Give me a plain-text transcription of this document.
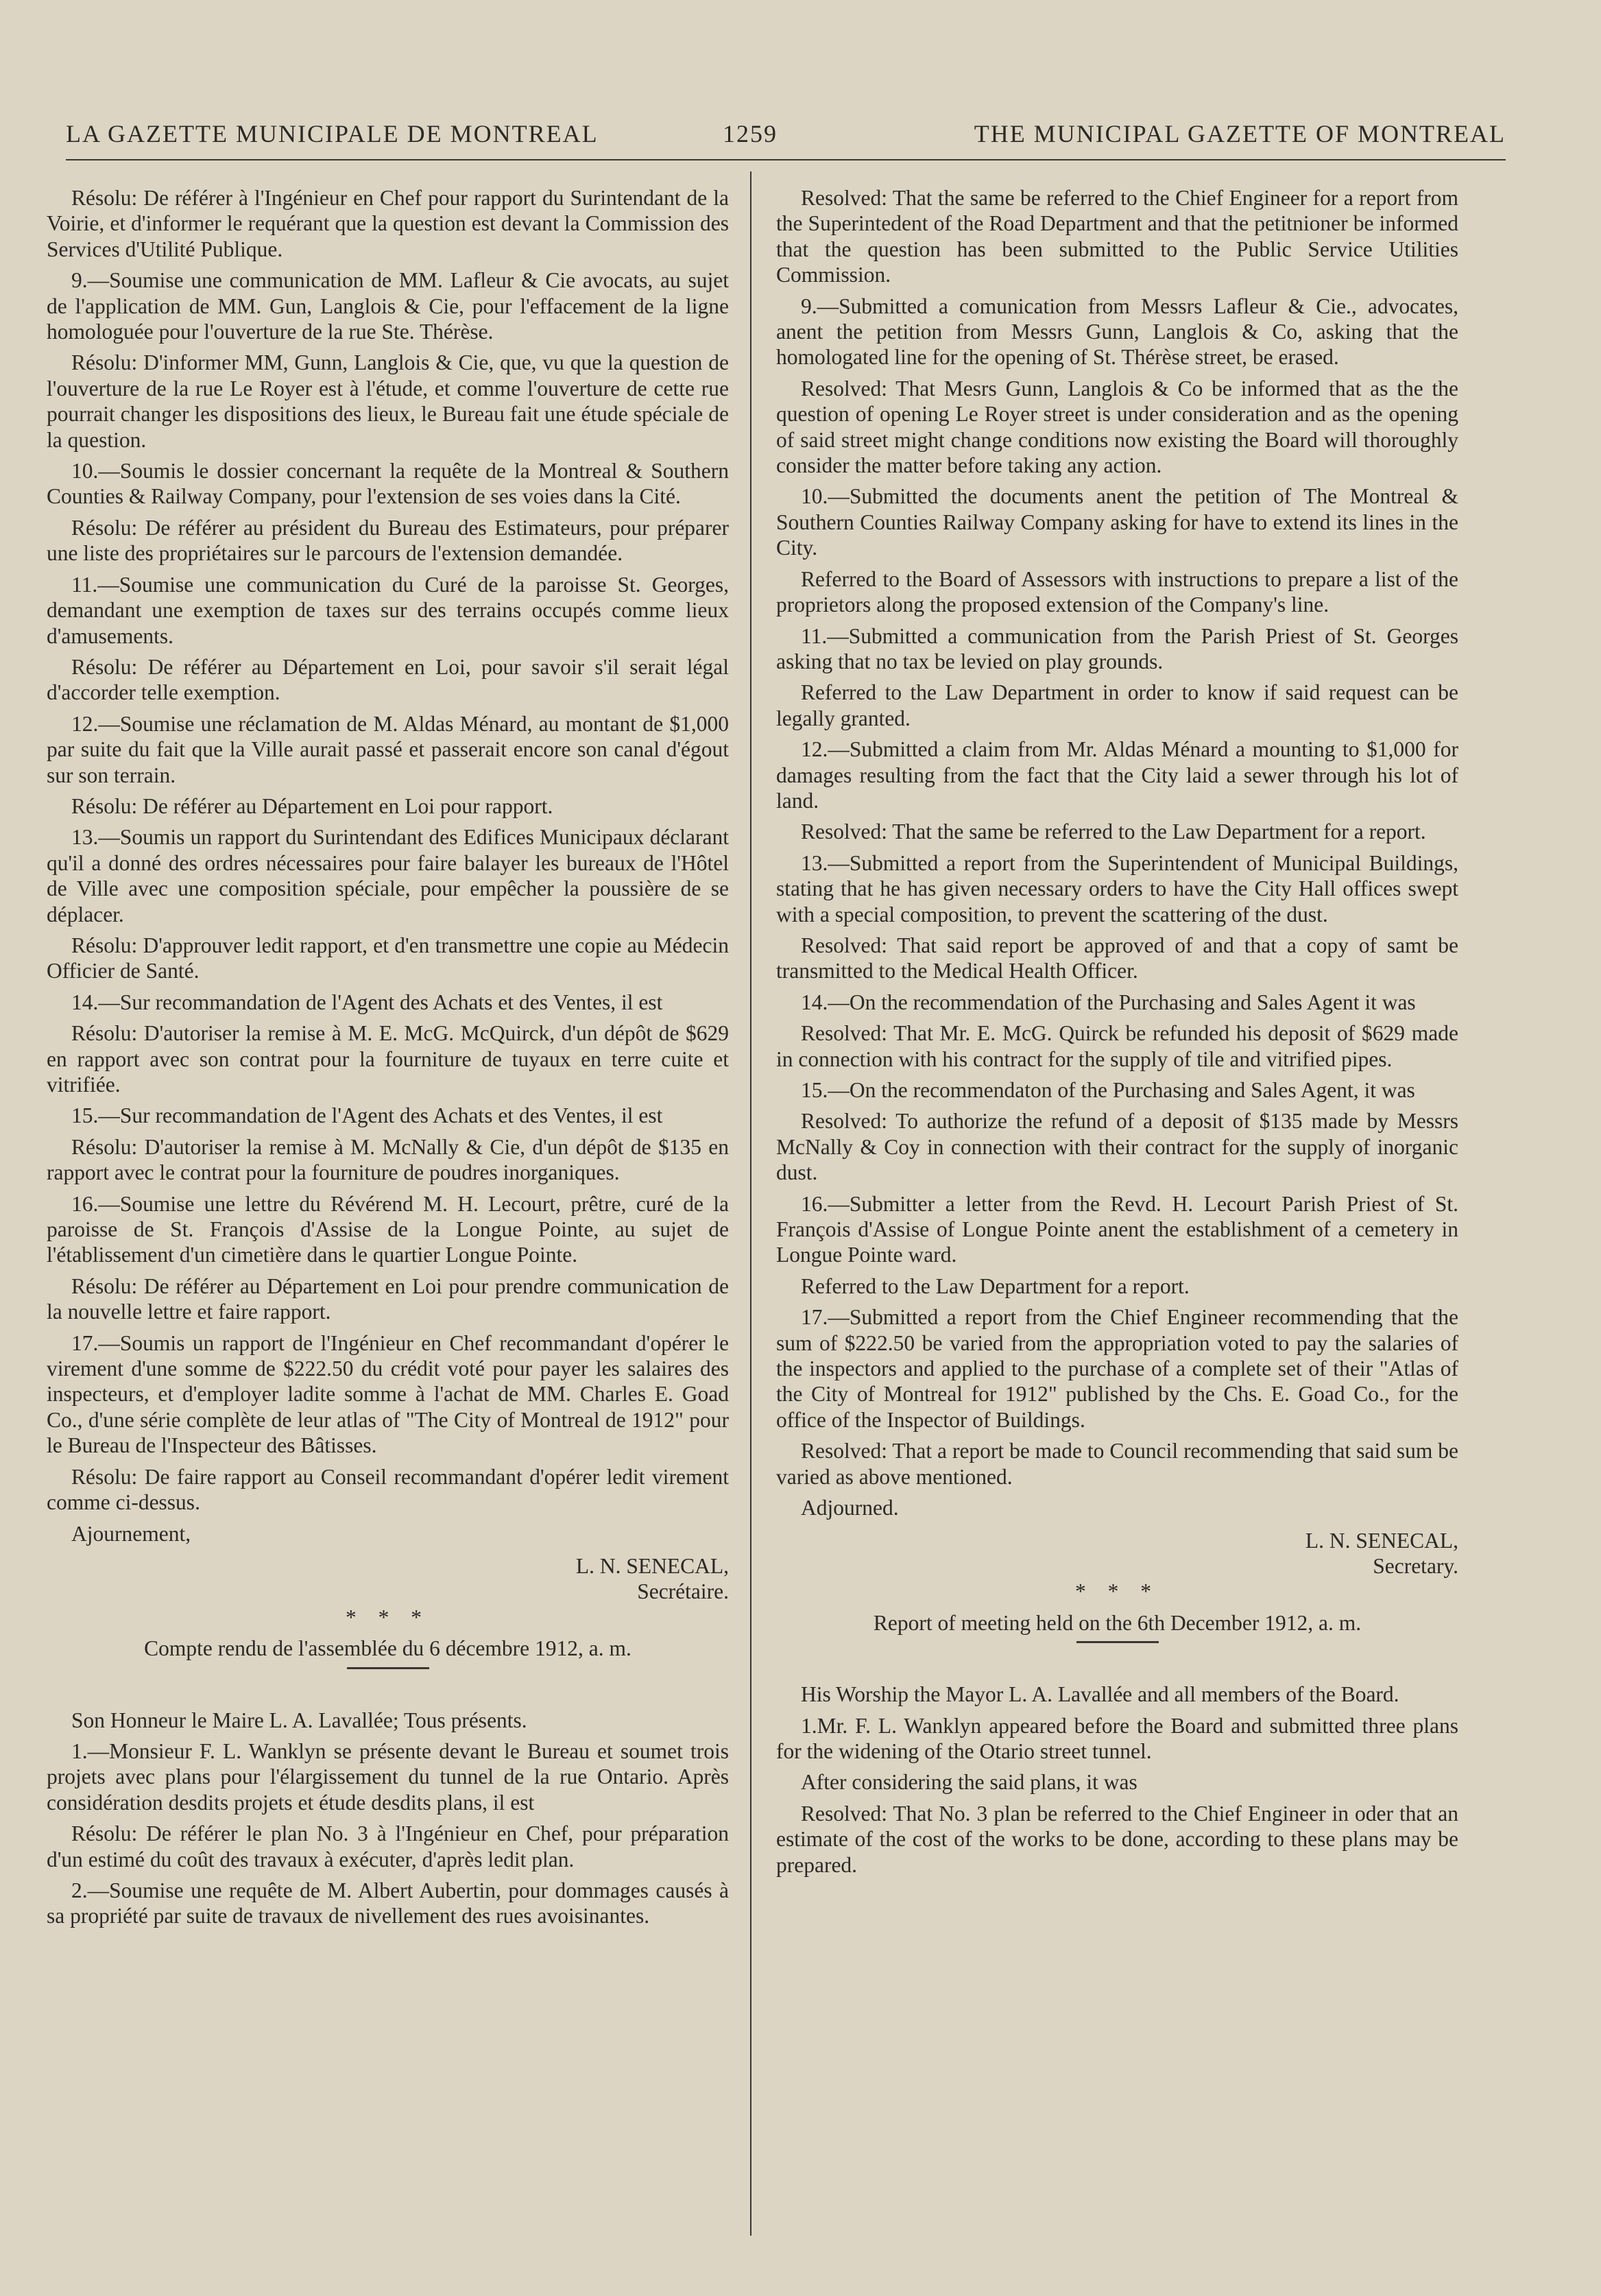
LA GAZETTE MUNICIPALE DE MONTREAL	1259	THE MUNICIPAL GAZETTE OF MONTREAL

Résolu: De référer à l'Ingénieur en Chef pour rapport du Surintendant de la Voirie, et d'informer le requérant que la question est devant la Commission des Services d'Utilité Publique.

9.—Soumise une communication de MM. Lafleur & Cie avocats, au sujet de l'application de MM. Gun, Langlois & Cie, pour l'effacement de la ligne homologuée pour l'ouverture de la rue Ste. Thérèse.

Résolu: D'informer MM, Gunn, Langlois & Cie, que, vu que la question de l'ouverture de la rue Le Royer est à l'étude, et comme l'ouverture de cette rue pourrait changer les dispositions des lieux, le Bureau fait une étude spéciale de la question.

10.—Soumis le dossier concernant la requête de la Montreal & Southern Counties & Railway Company, pour l'extension de ses voies dans la Cité.

Résolu: De référer au président du Bureau des Estimateurs, pour préparer une liste des propriétaires sur le parcours de l'extension demandée.

11.—Soumise une communication du Curé de la paroisse St. Georges, demandant une exemption de taxes sur des terrains occupés comme lieux d'amusements.

Résolu: De référer au Département en Loi, pour savoir s'il serait légal d'accorder telle exemption.

12.—Soumise une réclamation de M. Aldas Ménard, au montant de $1,000 par suite du fait que la Ville aurait passé et passerait encore son canal d'égout sur son terrain.

Résolu: De référer au Département en Loi pour rapport.

13.—Soumis un rapport du Surintendant des Edifices Municipaux déclarant qu'il a donné des ordres nécessaires pour faire balayer les bureaux de l'Hôtel de Ville avec une composition spéciale, pour empêcher la poussière de se déplacer.

Résolu: D'approuver ledit rapport, et d'en transmettre une copie au Médecin Officier de Santé.

14.—Sur recommandation de l'Agent des Achats et des Ventes, il est

Résolu: D'autoriser la remise à M. E. McG. McQuirck, d'un dépôt de $629 en rapport avec son contrat pour la fourniture de tuyaux en terre cuite et vitrifiée.

15.—Sur recommandation de l'Agent des Achats et des Ventes, il est

Résolu: D'autoriser la remise à M. McNally & Cie, d'un dépôt de $135 en rapport avec le contrat pour la fourniture de poudres inorganiques.

16.—Soumise une lettre du Révérend M. H. Lecourt, prêtre, curé de la paroisse de St. François d'Assise de la Longue Pointe, au sujet de l'établissement d'un cimetière dans le quartier Longue Pointe.

Résolu: De référer au Département en Loi pour prendre communication de la nouvelle lettre et faire rapport.

17.—Soumis un rapport de l'Ingénieur en Chef recommandant d'opérer le virement d'une somme de $222.50 du crédit voté pour payer les salaires des inspecteurs, et d'employer ladite somme à l'achat de MM. Charles E. Goad Co., d'une série complète de leur atlas of "The City of Montreal de 1912" pour le Bureau de l'Inspecteur des Bâtisses.

Résolu: De faire rapport au Conseil recommandant d'opérer ledit virement comme ci-dessus.

Ajournement,

L. N. SENECAL,

Secrétaire.

* * *

Compte rendu de l'assemblée du 6 décembre 1912, a. m.

Son Honneur le Maire L. A. Lavallée; Tous présents.

1.—Monsieur F. L. Wanklyn se présente devant le Bureau et soumet trois projets avec plans pour l'élargissement du tunnel de la rue Ontario. Après considération desdits projets et étude desdits plans, il est

Résolu: De référer le plan No. 3 à l'Ingénieur en Chef, pour préparation d'un estimé du coût des travaux à exécuter, d'après ledit plan.

2.—Soumise une requête de M. Albert Aubertin, pour dommages causés à sa propriété par suite de travaux de nivellement des rues avoisinantes.

Resolved: That the same be referred to the Chief Engineer for a report from the Superintedent of the Road Department and that the petitnioner be informed that the question has been submitted to the Public Service Utilities Commission.

9.—Submitted a comunication from Messrs Lafleur & Cie., advocates, anent the petition from Messrs Gunn, Langlois & Co, asking that the homologated line for the opening of St. Thérèse street, be erased.

Resolved: That Mesrs Gunn, Langlois & Co be informed that as the the question of opening Le Royer street is under consideration and as the opening of said street might change conditions now existing the Board will thoroughly consider the matter before taking any action.

10.—Submitted the documents anent the petition of The Montreal & Southern Counties Railway Company asking for have to extend its lines in the City.

Referred to the Board of Assessors with instructions to prepare a list of the proprietors along the proposed extension of the Company's line.

11.—Submitted a communication from the Parish Priest of St. Georges asking that no tax be levied on play grounds.

Referred to the Law Department in order to know if said request can be legally granted.

12.—Submitted a claim from Mr. Aldas Ménard a mounting to $1,000 for damages resulting from the fact that the City laid a sewer through his lot of land.

Resolved: That the same be referred to the Law Department for a report.

13.—Submitted a report from the Superintendent of Municipal Buildings, stating that he has given necessary orders to have the City Hall offices swept with a special composition, to prevent the scattering of the dust.

Resolved: That said report be approved of and that a copy of samt be transmitted to the Medical Health Officer.

14.—On the recommendation of the Purchasing and Sales Agent it was

Resolved: That Mr. E. McG. Quirck be refunded his deposit of $629 made in connection with his contract for the supply of tile and vitrified pipes.

15.—On the recommendaton of the Purchasing and Sales Agent, it was

Resolved: To authorize the refund of a deposit of $135 made by Messrs McNally & Coy in connection with their contract for the supply of inorganic dust.

16.—Submitter a letter from the Revd. H. Lecourt Parish Priest of St. François d'Assise of Longue Pointe anent the establishment of a cemetery in Longue Pointe ward.

Referred to the Law Department for a report.

17.—Submitted a report from the Chief Engineer recommending that the sum of $222.50 be varied from the appropriation voted to pay the salaries of the inspectors and applied to the purchase of a complete set of their "Atlas of the City of Montreal for 1912" published by the Chs. E. Goad Co., for the office of the Inspector of Buildings.

Resolved: That a report be made to Council recommending that said sum be varied as above mentioned.

Adjourned.

L. N. SENECAL,

Secretary.

* * *

Report of meeting held on the 6th December 1912, a. m.

His Worship the Mayor L. A. Lavallée and all members of the Board.

1.Mr. F. L. Wanklyn appeared before the Board and submitted three plans for the widening of the Otario street tunnel.

After considering the said plans, it was

Resolved: That No. 3 plan be referred to the Chief Engineer in oder that an estimate of the cost of the works to be done, according to these plans may be prepared.
